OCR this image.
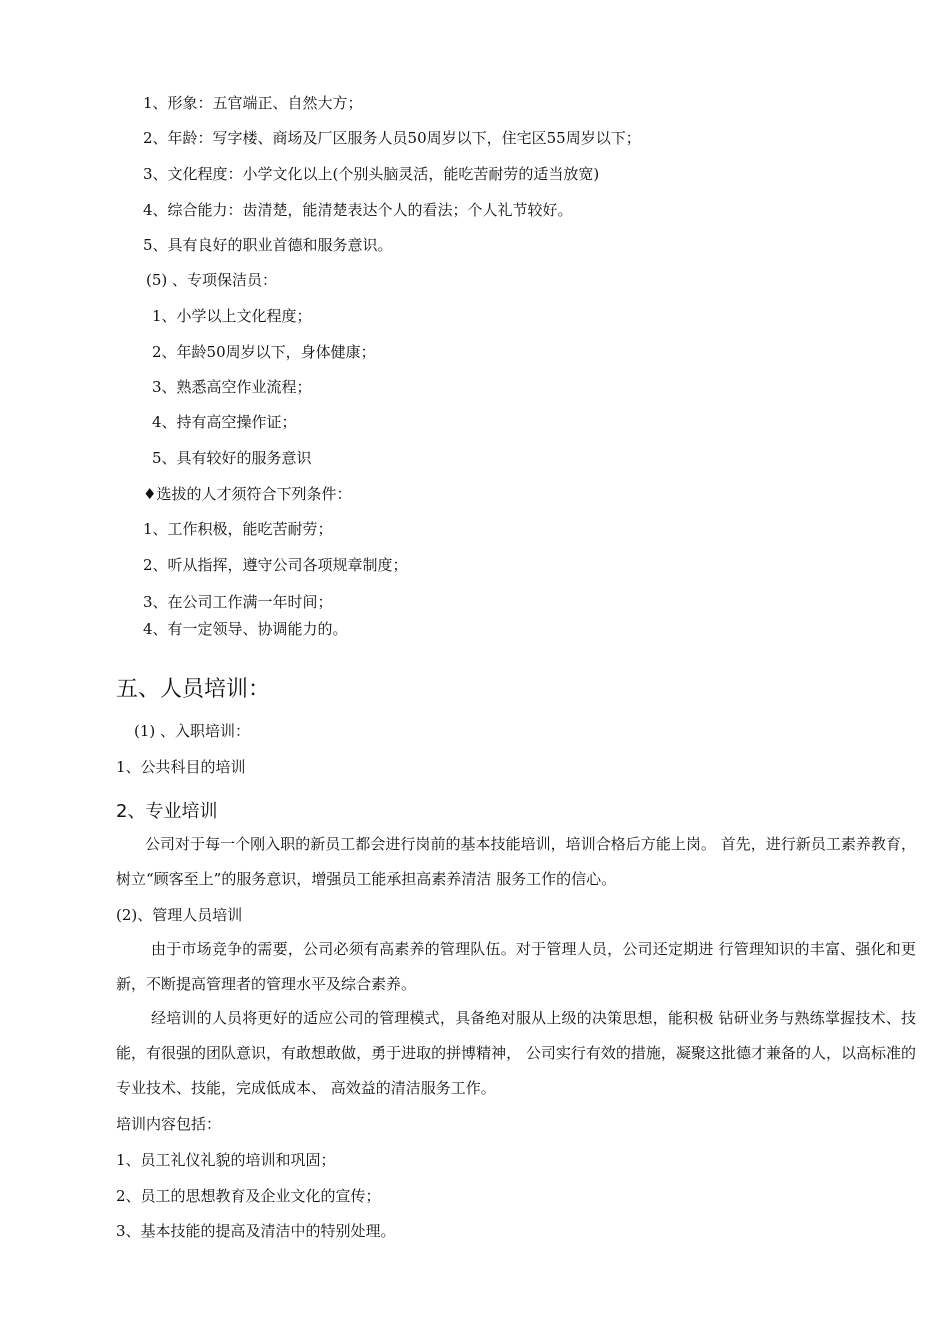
1、形象：五官端正、自然大方；
2、年龄：写字楼、商场及厂区服务人员50周岁以下，住宅区55周岁以下；
3、文化程度：小学文化以上(个别头脑灵活，能吃苦耐劳的适当放宽)
4、综合能力：齿清楚，能清楚表达个人的看法；个人礼节较好。
5、具有良好的职业首德和服务意识。
(5) 、专项保洁员：
1、小学以上文化程度；
2、年龄50周岁以下，身体健康；
3、熟悉高空作业流程；
4、持有高空操作证；
5、具有较好的服务意识
♦选拔的人才须符合下列条件：
1、工作积极，能吃苦耐劳；
2、听从指挥，遵守公司各项规章制度；
3、在公司工作满一年时间；
4、有一定领导、协调能力的。
五、人员培训：
(1) 、入职培训：
1、公共科目的培训
2、专业培训
公司对于每一个刚入职的新员工都会进行岗前的基本技能培训，培训合格后方能上岗。 首先，进行新员工素养教育，树立“顾客至上”的服务意识，增强员工能承担高素养清洁 服务工作的信心。
(2)、管理人员培训
由于市场竞争的需要，公司必须有高素养的管理队伍。对于管理人员，公司还定期进 行管理知识的丰富、强化和更新，不断提高管理者的管理水平及综合素养。
经培训的人员将更好的适应公司的管理模式，具备绝对服从上级的决策思想，能积极 钻研业务与熟练掌握技术、技能，有很强的团队意识，有敢想敢做，勇于进取的拼博精神， 公司实行有效的措施，凝聚这批德才兼备的人，以高标准的专业技术、技能，完成低成本、 高效益的清洁服务工作。
培训内容包括：
1、员工礼仪礼貌的培训和巩固；
2、员工的思想教育及企业文化的宣传；
3、基本技能的提高及清洁中的特别处理。
